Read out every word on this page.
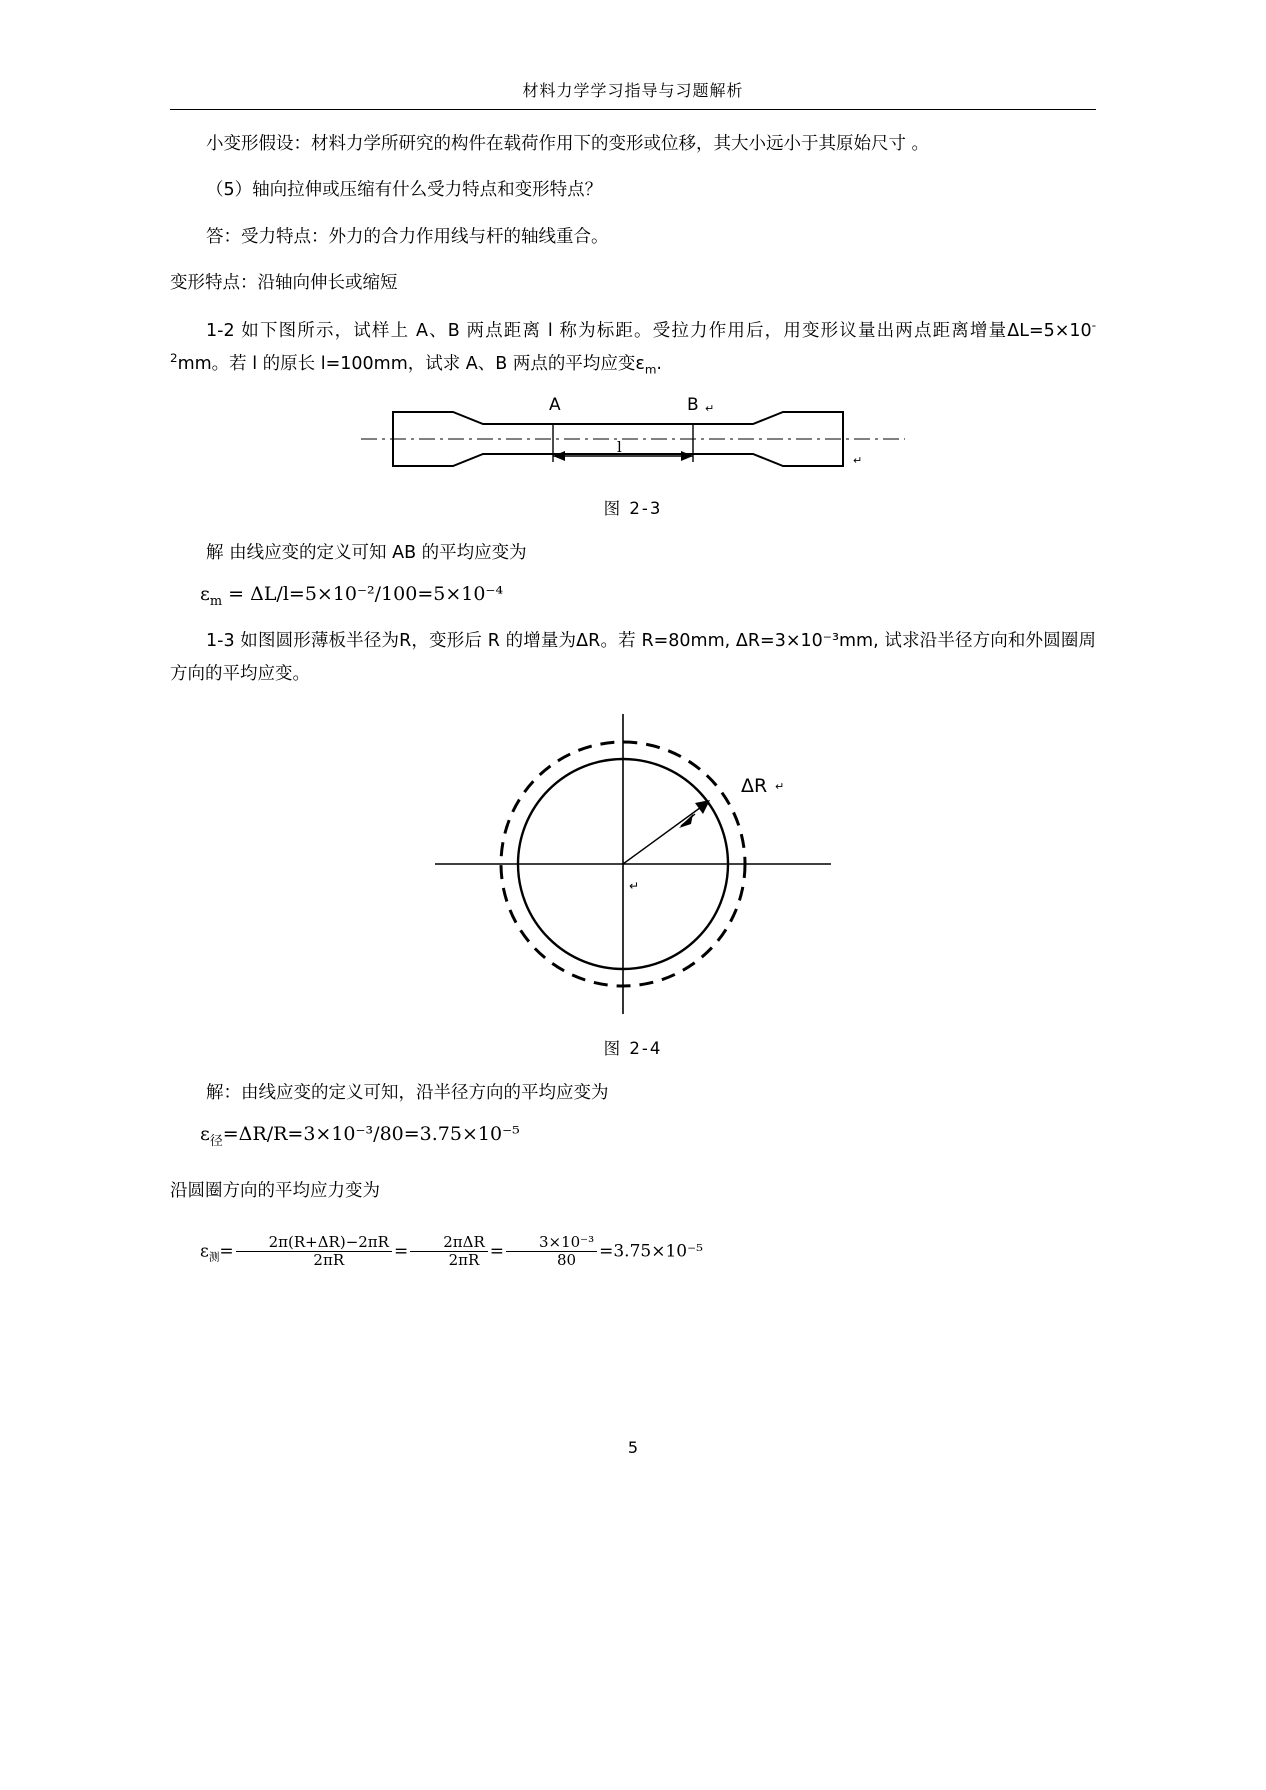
材料力学学习指导与习题解析

小变形假设：材料力学所研究的构件在载荷作用下的变形或位移，其大小远小于其原始尺寸 。

（5）轴向拉伸或压缩有什么受力特点和变形特点？

答：受力特点：外力的合力作用线与杆的轴线重合。

变形特点：沿轴向伸长或缩短

1-2 如下图所示，试样上 A、B 两点距离 l 称为标距。受拉力作用后，用变形议量出两点距离增量$\Delta L=5\times 10^{-2}mm$。若 l 的原长 l=100mm，试求 A、B 两点的平均应变$\varepsilon_m$.

A	B
l
↵
↵
图 2-3

解 由线应变的定义可知 AB 的平均应变为

$\varepsilon_m = \Delta L/l=5\times 10^{-2}/100=5\times 10^{-4}$

1-3 如图圆形薄板半径为R，变形后 R 的增量为ΔR。若 R=80mm, ΔR=3×10⁻³mm, 试求沿半径方向和外圆圈周方向的平均应变。

ΔR ↵
↵
图 2-4

解：由线应变的定义可知，沿半径方向的平均应变为

$\varepsilon_径=\Delta R/R=3\times 10^{-3}/80=3.75\times 10^{-5}$

沿圆圈方向的平均应力变为

$\varepsilon_测= \frac{2\pi(R+\Delta R)-2\pi R}{2\pi R} = \frac{\text{2πΔR}}{2\pi R} = \frac{\text{3×10⁻³}}{80} =3.75\times 10^{-5}$

5
